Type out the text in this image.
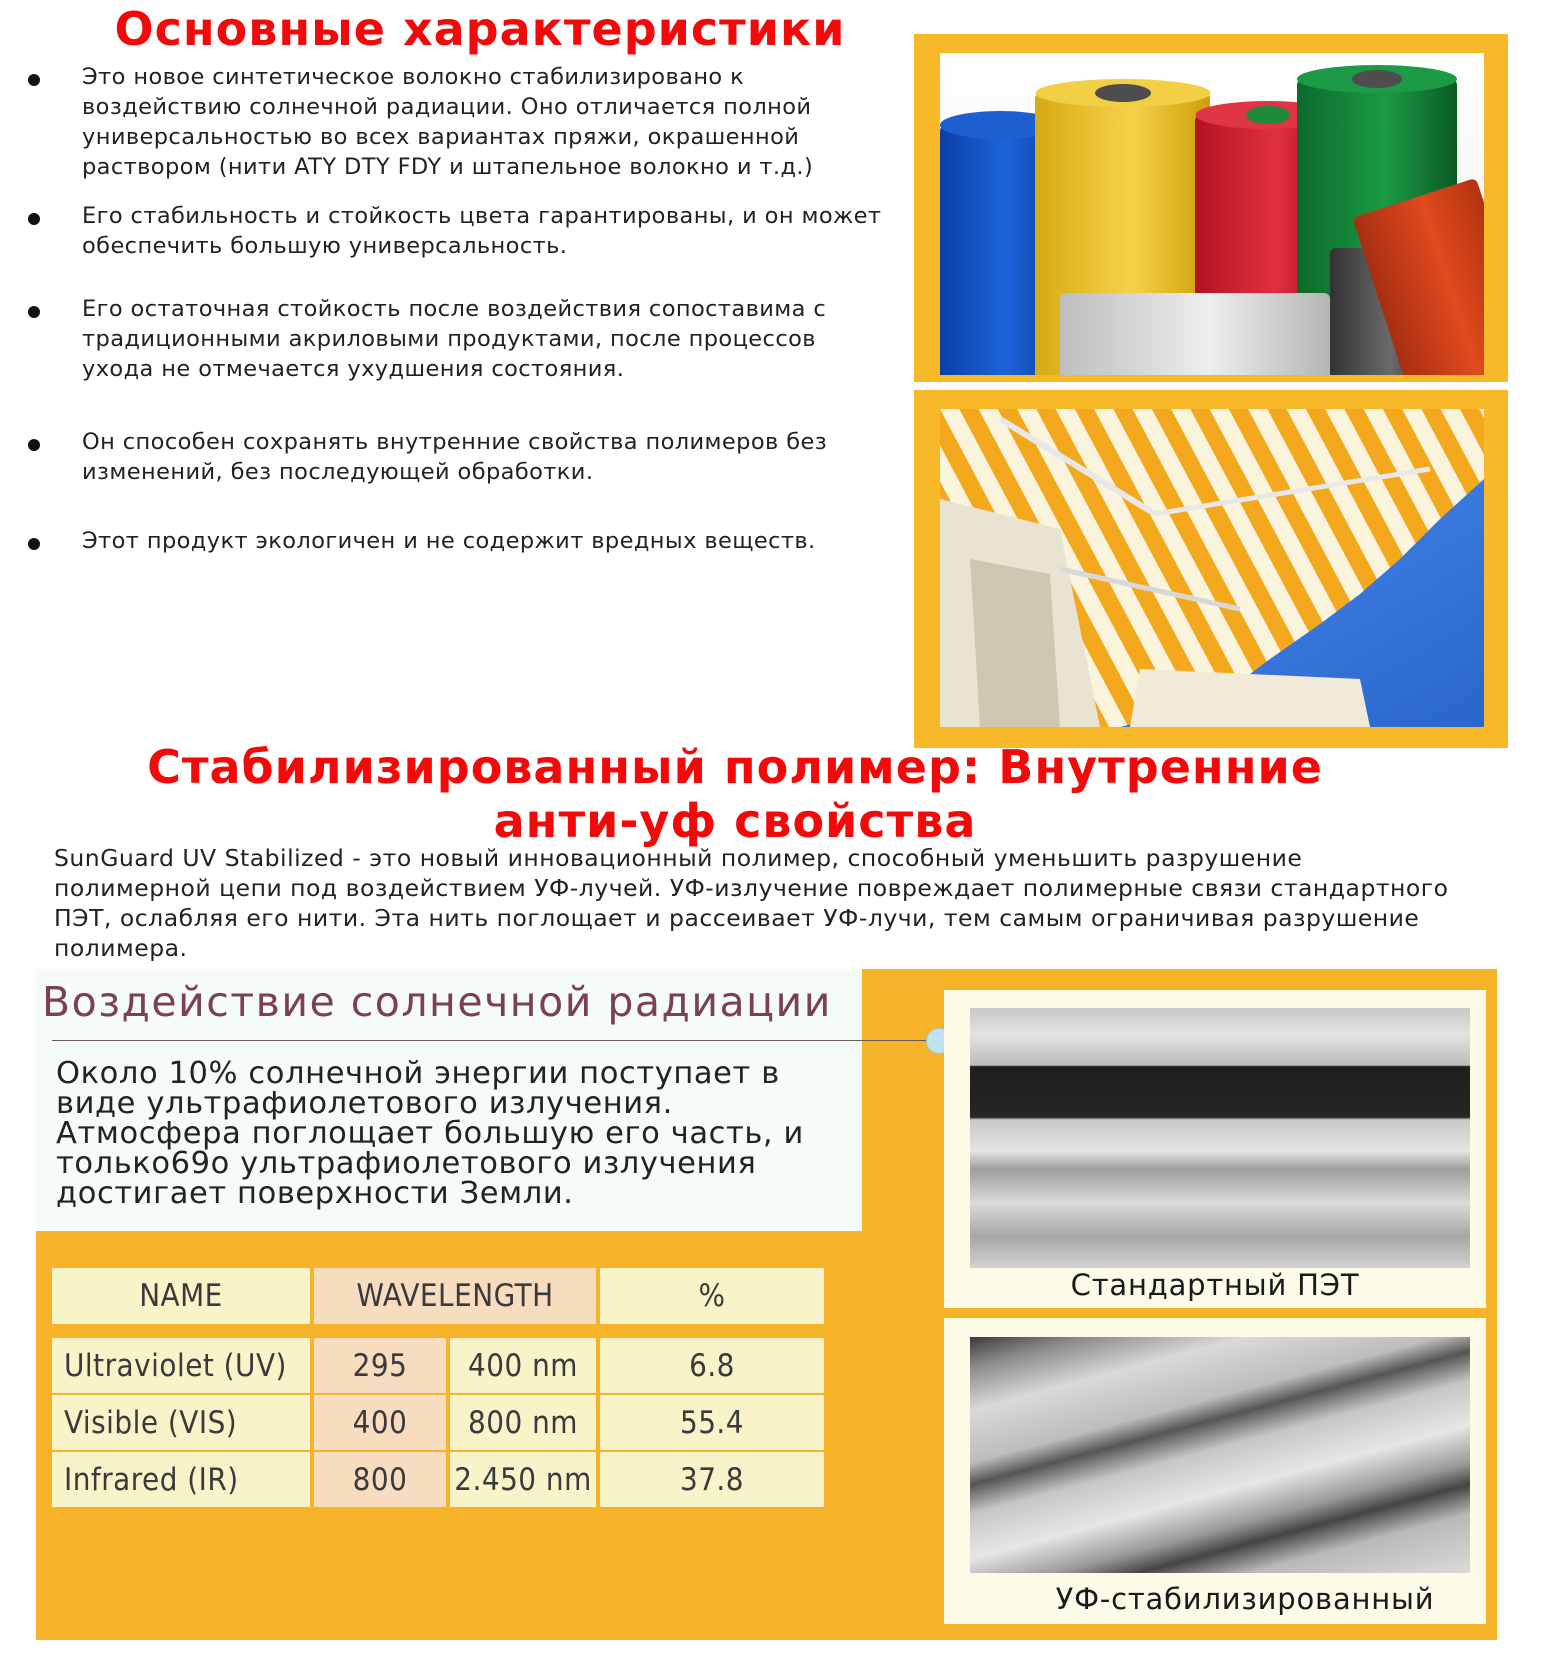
Основные характеристики
Это новое синтетическое волокно стабилизировано к воздействию солнечной радиации. Оно отличается полной универсальностью во всех вариантах пряжи, окрашенной раствором (нити ATY DTY FDY и штапельное волокно и т.д.)
Его стабильность и стойкость цвета гарантированы, и он может обеспечить большую универсальность.
Его остаточная стойкость после воздействия сопоставима с традиционными акриловыми продуктами, после процессов ухода не отмечается ухудшения состояния.
Он способен сохранять внутренние свойства полимеров без изменений, без последующей обработки.
Этот продукт экологичен и не содержит вредных веществ.
Стабилизированный полимер: Внутренние
анти-уф свойства
SunGuard UV Stabilized - это новый инновационный полимер, способный уменьшить разрушение полимерной цепи под воздействием УФ-лучей. УФ-излучение повреждает полимерные связи стандартного ПЭТ, ослабляя его нити. Эта нить поглощает и рассеивает УФ-лучи, тем самым ограничивая разрушение полимера.
Воздействие солнечной радиации
Около 10% солнечной энергии поступает в виде ультрафиолетового излучения. Атмосфера поглощает большую его часть, и только69о ультрафиолетового излучения достигает поверхности Земли.
NAME	WAVELENGTH	%
Ultraviolet (UV)	295	400 nm	6.8
Visible (VIS)	400	800 nm	55.4
Infrared (IR)	800	2.450 nm	37.8
Стандартный ПЭТ
УФ-стабилизированный
